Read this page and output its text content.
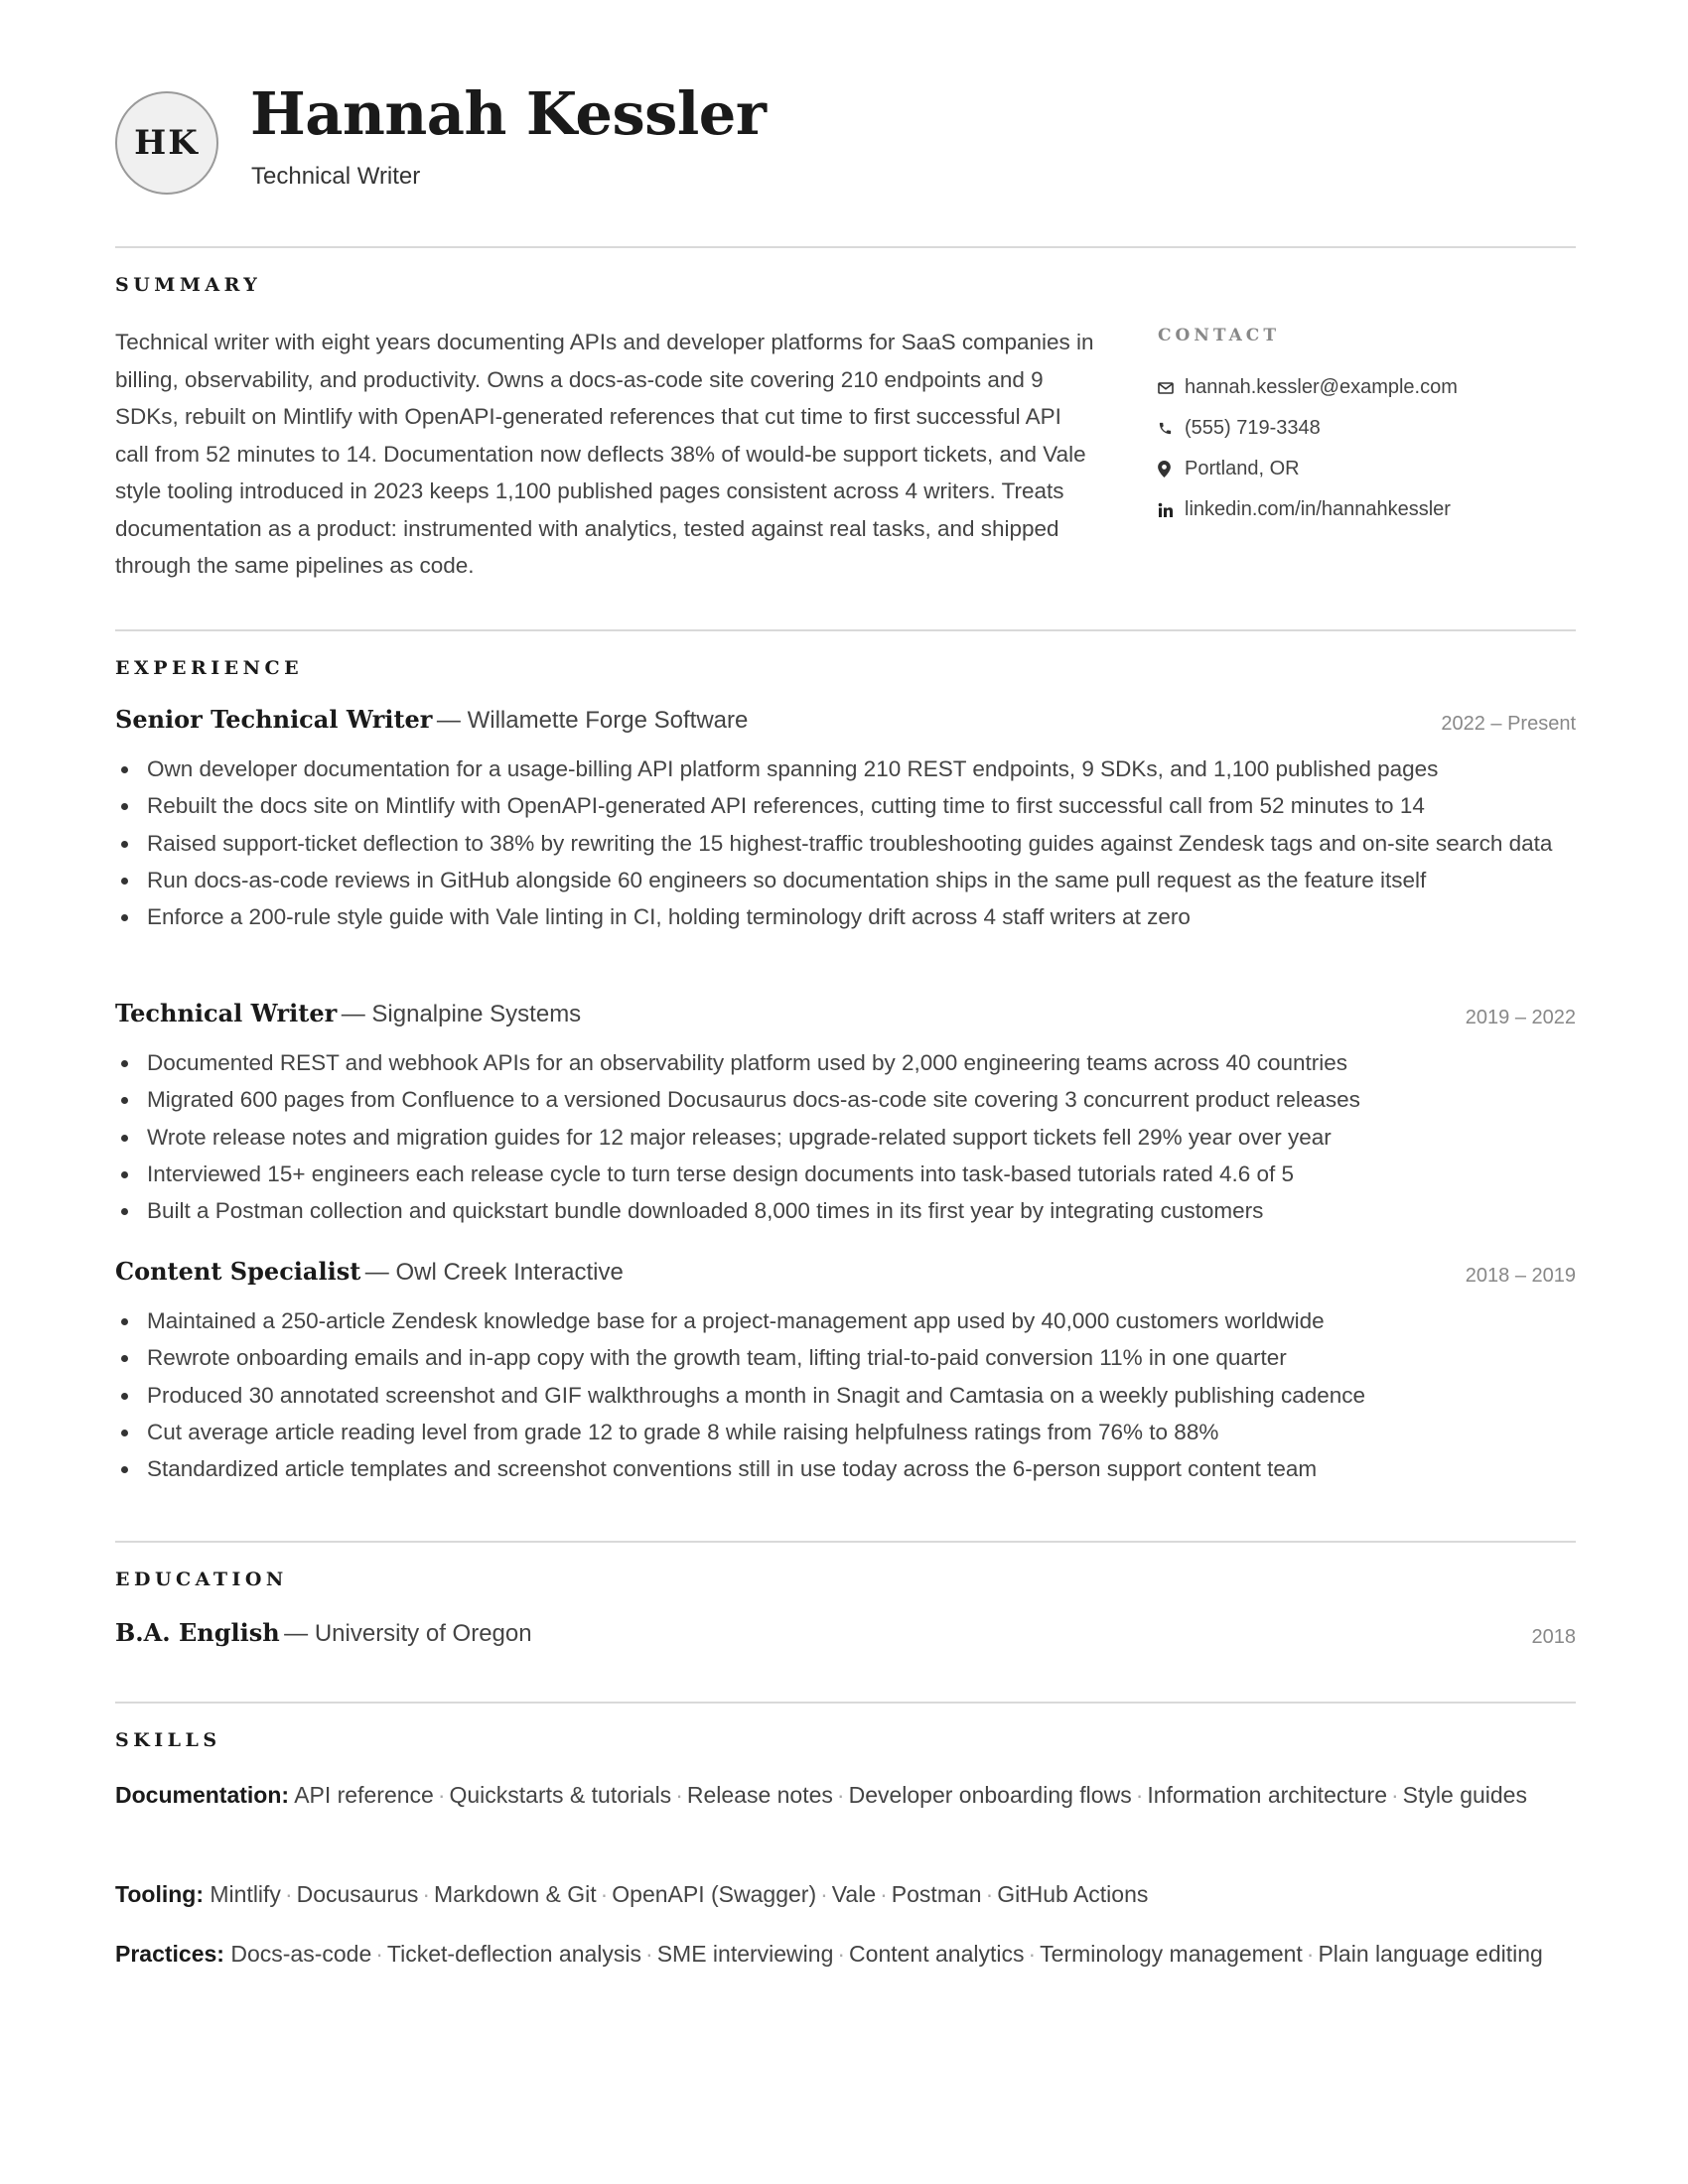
HK Hannah Kessler
Technical Writer
SUMMARY

Technical writer with eight years documenting APIs and developer platforms for SaaS companies in billing, observability, and productivity. Owns a docs-as-code site covering 210 endpoints and 9 SDKs, rebuilt on Mintlify with OpenAPI-generated references that cut time to first successful API call from 52 minutes to 14. Documentation now deflects 38% of would-be support tickets, and Vale style tooling introduced in 2023 keeps 1,100 published pages consistent across 4 writers. Treats documentation as a product: instrumented with analytics, tested against real tasks, and shipped through the same pipelines as code.

CONTACT
hannah.kessler@example.com
(555) 719-3348
Portland, OR
linkedin.com/in/hannahkessler
EXPERIENCE
Senior Technical Writer — Willamette Forge Software	2022 – Present
Own developer documentation for a usage-billing API platform spanning 210 REST endpoints, 9 SDKs, and 1,100 published pages
Rebuilt the docs site on Mintlify with OpenAPI-generated API references, cutting time to first successful call from 52 minutes to 14
Raised support-ticket deflection to 38% by rewriting the 15 highest-traffic troubleshooting guides against Zendesk tags and on-site search data
Run docs-as-code reviews in GitHub alongside 60 engineers so documentation ships in the same pull request as the feature itself
Enforce a 200-rule style guide with Vale linting in CI, holding terminology drift across 4 staff writers at zero
Technical Writer — Signalpine Systems	2019 – 2022
Documented REST and webhook APIs for an observability platform used by 2,000 engineering teams across 40 countries
Migrated 600 pages from Confluence to a versioned Docusaurus docs-as-code site covering 3 concurrent product releases
Wrote release notes and migration guides for 12 major releases; upgrade-related support tickets fell 29% year over year
Interviewed 15+ engineers each release cycle to turn terse design documents into task-based tutorials rated 4.6 of 5
Built a Postman collection and quickstart bundle downloaded 8,000 times in its first year by integrating customers
Content Specialist — Owl Creek Interactive	2018 – 2019
Maintained a 250-article Zendesk knowledge base for a project-management app used by 40,000 customers worldwide
Rewrote onboarding emails and in-app copy with the growth team, lifting trial-to-paid conversion 11% in one quarter
Produced 30 annotated screenshot and GIF walkthroughs a month in Snagit and Camtasia on a weekly publishing cadence
Cut average article reading level from grade 12 to grade 8 while raising helpfulness ratings from 76% to 88%
Standardized article templates and screenshot conventions still in use today across the 6-person support content team
EDUCATION
B.A. English — University of Oregon	2018
SKILLS

Documentation: API reference · Quickstarts & tutorials · Release notes · Developer onboarding flows · Information architecture · Style guides

Tooling: Mintlify · Docusaurus · Markdown & Git · OpenAPI (Swagger) · Vale · Postman · GitHub Actions

Practices: Docs-as-code · Ticket-deflection analysis · SME interviewing · Content analytics · Terminology management · Plain language editing
